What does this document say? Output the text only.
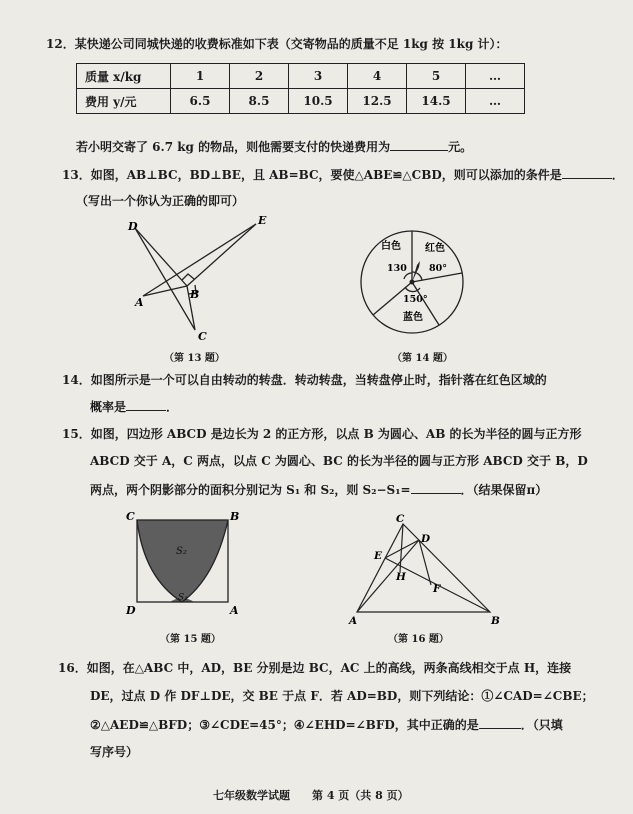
12．某快递公司同城快递的收费标准如下表（交寄物品的质量不足 1kg 按 1kg 计）：
质量 x/kg	1	2	3	4	5	…
费用 y/元	6.5	8.5	10.5	12.5	14.5	…
若小明交寄了 6.7 kg 的物品，则他需要支付的快递费用为	元。
13．如图，AB⊥BC，BD⊥BE，且 AB=BC，要使△ABE≌△CBD，则可以添加的条件是	．
（写出一个你认为正确的即可）
D	E
A
B
C
（第 13 题）
白色 红色
80°
130
150°
蓝色
（第 14 题）
14．如图所示是一个可以自由转动的转盘．转动转盘，当转盘停止时，指针落在红色区域的
概率是	．
15．如图，四边形 ABCD 是边长为 2 的正方形，以点 B 为圆心、AB 的长为半径的圆与正方形
ABCD 交于 A，C 两点，以点 C 为圆心、BC 的长为半径的圆与正方形 ABCD 交于 B，D
两点，两个阴影部分的面积分别记为 S₁ 和 S₂，则 S₂−S₁=	．（结果保留π）
C	B
D	A
S₂
S₁
（第 15 题）
C
D
E
H
F
A	B
（第 16 题）
16．如图，在△ABC 中，AD，BE 分别是边 BC，AC 上的高线，两条高线相交于点 H，连接
DE，过点 D 作 DF⊥DE，交 BE 于点 F．若 AD=BD，则下列结论：①∠CAD=∠CBE；
②△AED≌△BFD；③∠CDE=45°；④∠EHD=∠BFD，其中正确的是	．（只填
写序号）
七年级数学试题　　第 4 页（共 8 页）
